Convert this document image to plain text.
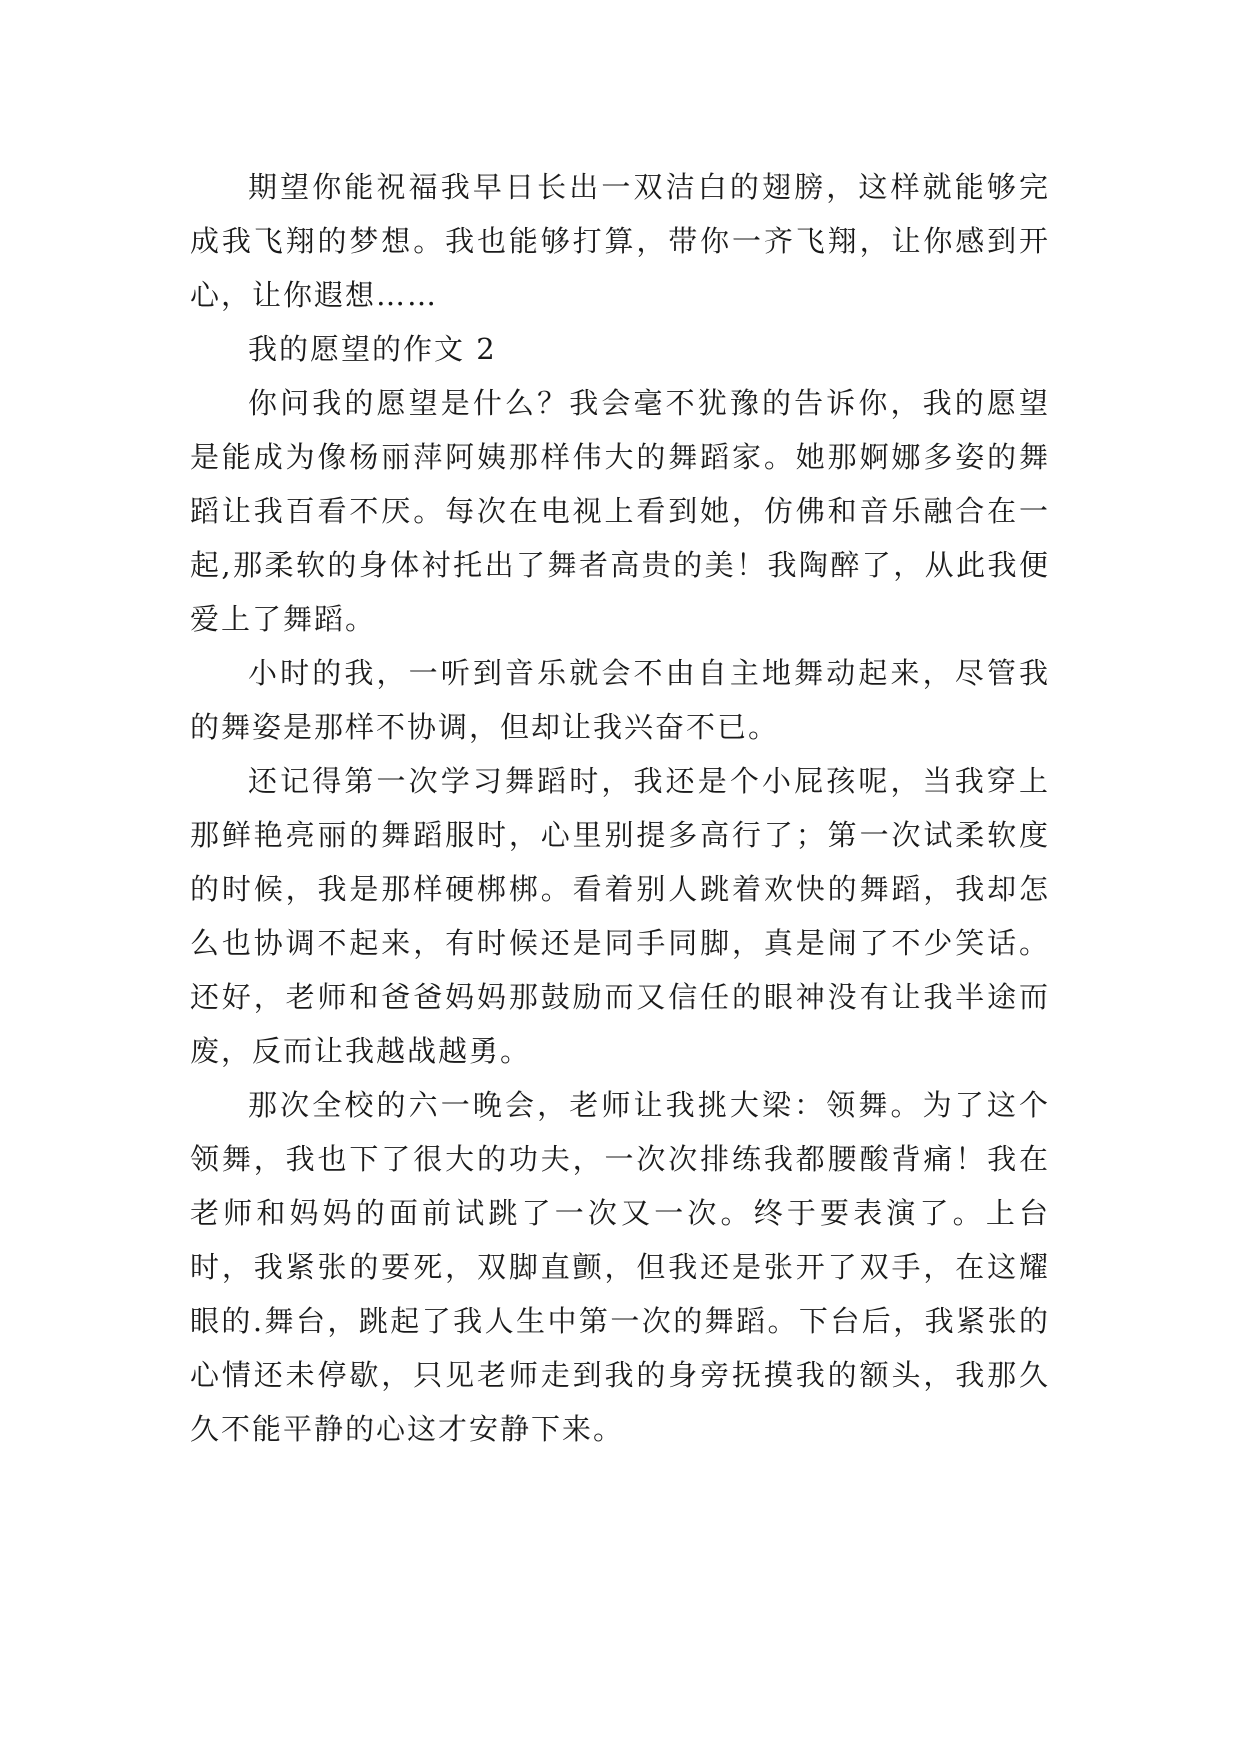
期望你能祝福我早日长出一双洁白的翅膀，这样就能够完成我飞翔的梦想。我也能够打算，带你一齐飞翔，让你感到开心，让你遐想……

我的愿望的作文 2

你问我的愿望是什么？我会毫不犹豫的告诉你，我的愿望是能成为像杨丽萍阿姨那样伟大的舞蹈家。她那婀娜多姿的舞蹈让我百看不厌。每次在电视上看到她，仿佛和音乐融合在一起,那柔软的身体衬托出了舞者高贵的美！我陶醉了，从此我便爱上了舞蹈。

小时的我，一听到音乐就会不由自主地舞动起来，尽管我的舞姿是那样不协调，但却让我兴奋不已。

还记得第一次学习舞蹈时，我还是个小屁孩呢，当我穿上那鲜艳亮丽的舞蹈服时，心里别提多高行了；第一次试柔软度的时候，我是那样硬梆梆。看着别人跳着欢快的舞蹈，我却怎么也协调不起来，有时候还是同手同脚，真是闹了不少笑话。还好，老师和爸爸妈妈那鼓励而又信任的眼神没有让我半途而废，反而让我越战越勇。

那次全校的六一晚会，老师让我挑大梁：领舞。为了这个领舞，我也下了很大的功夫，一次次排练我都腰酸背痛！我在老师和妈妈的面前试跳了一次又一次。终于要表演了。上台时，我紧张的要死，双脚直颤，但我还是张开了双手，在这耀眼的.舞台，跳起了我人生中第一次的舞蹈。下台后，我紧张的心情还未停歇，只见老师走到我的身旁抚摸我的额头，我那久久不能平静的心这才安静下来。
